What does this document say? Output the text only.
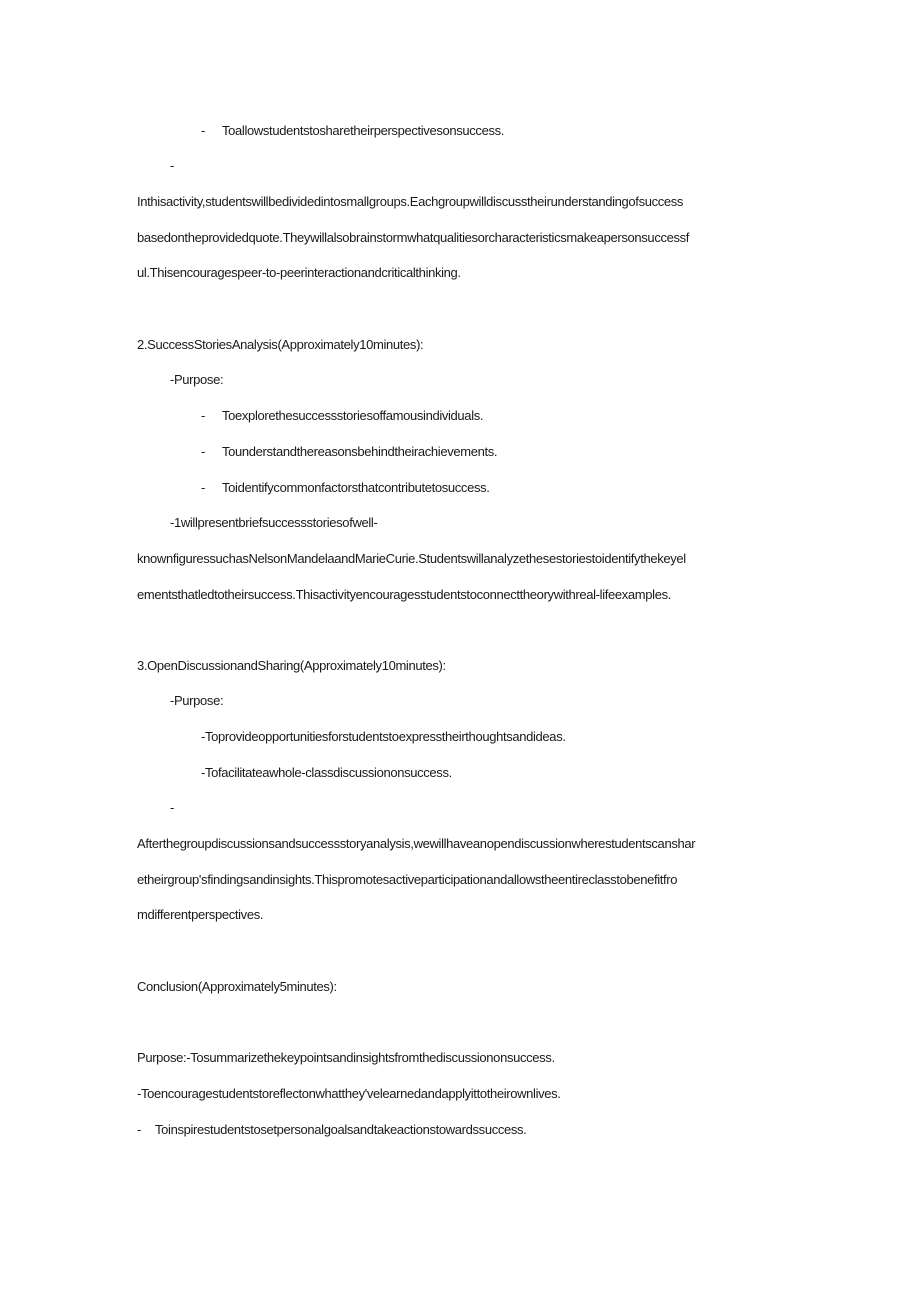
- Toallowstudentstosharetheirperspectivesonsuccess.
-
Inthisactivity,studentswillbedividedintosmallgroups.Eachgroupwilldiscusstheirunderstandingofsuccess
basedontheprovidedquote.Theywillalsobrainstormwhatqualitiesorcharacteristicsmakeapersonsuccessf
ul.Thisencouragespeer-to-peerinteractionandcriticalthinking.
2.SuccessStoriesAnalysis(Approximately10minutes):
-Purpose:
- Toexplorethesuccessstoriesoffamousindividuals.
- Tounderstandthereasonsbehindtheirachievements.
- Toidentifycommonfactorsthatcontributetosuccess.
-1willpresentbriefsuccessstoriesofwell-
knownfiguressuchasNelsonMandelaandMarieCurie.Studentswillanalyzethesestoriestoidentifythekeyel
ementsthatledtotheirsuccess.Thisactivityencouragesstudentstoconnecttheorywithreal-lifeexamples.
3.OpenDiscussionandSharing(Approximately10minutes):
-Purpose:
-Toprovideopportunitiesforstudentstoexpresstheirthoughtsandideas.
-Tofacilitateawhole-classdiscussiononsuccess.
-
Afterthegroupdiscussionsandsuccessstoryanalysis,wewillhaveanopendiscussionwherestudentscanshar
etheirgroup'sfindingsandinsights.Thispromotesactiveparticipationandallowstheentireclasstobenefitfro
mdifferentperspectives.
Conclusion(Approximately5minutes):
Purpose:-Tosummarizethekeypointsandinsightsfromthediscussiononsuccess.
-Toencouragestudentstoreflectonwhatthey'velearnedandapplyittotheirownlives.
- Toinspirestudentstosetpersonalgoalsandtakeactionstowardssuccess.
